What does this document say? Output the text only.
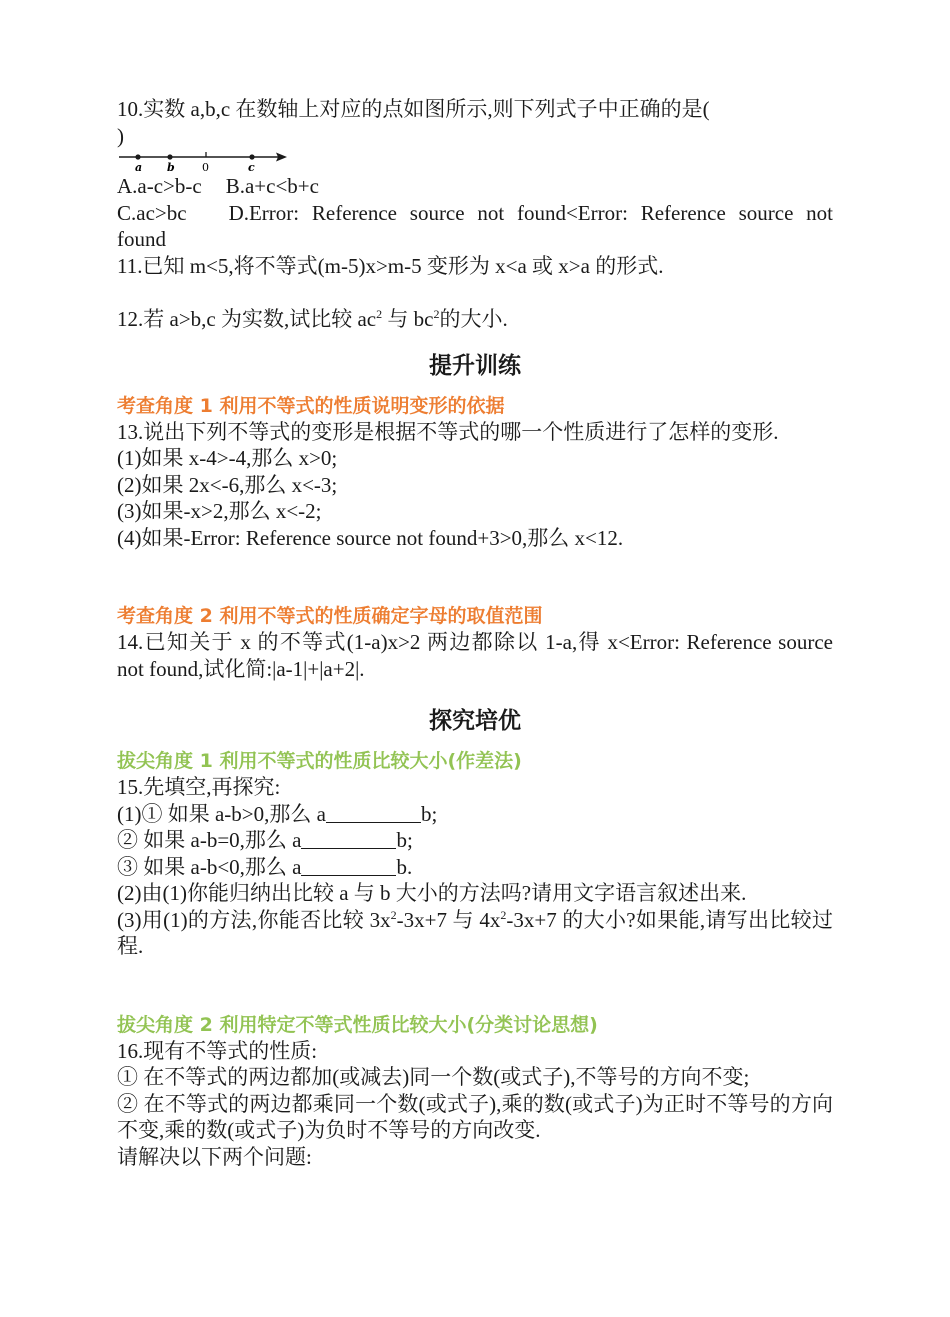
10.实数 a,b,c 在数轴上对应的点如图所示,则下列式子中正确的是(
)
a b 0	c
A.a-c>b-c B.a+c<b+c
C.ac>bc D.Error: Reference source not found<Error: Reference source not found
11.已知 m<5,将不等式(m-5)x>m-5 变形为 x<a 或 x>a 的形式.
12.若 a>b,c 为实数,试比较 $ac^2$ 与 $bc^2$的大小.
提升训练
考查角度 1 利用不等式的性质说明变形的依据
13.说出下列不等式的变形是根据不等式的哪一个性质进行了怎样的变形.
(1)如果 x-4>-4,那么 x>0;
(2)如果 2x<-6,那么 x<-3;
(3)如果-x>2,那么 x<-2;
(4)如果-Error: Reference source not found+3>0,那么 x<12.
考查角度 2 利用不等式的性质确定字母的取值范围
14.已知关于 x 的不等式(1-a)x>2 两边都除以 1-a,得 x<Error: Reference source not found,试化简:|a-1|+|a+2|.
探究培优
拔尖角度 1 利用不等式的性质比较大小(作差法)
15.先填空,再探究:
(1)① 如果 a-b>0,那么 a	b;
② 如果 a-b=0,那么 a	b;
③ 如果 a-b<0,那么 a	b.
(2)由(1)你能归纳出比较 a 与 b 大小的方法吗?请用文字语言叙述出来.
(3)用(1)的方法,你能否比较 $3x^2-3x+7$ 与 $4x^2-3x+7$ 的大小?如果能,请写出比较过程.
拔尖角度 2 利用特定不等式性质比较大小(分类讨论思想)
16.现有不等式的性质:
① 在不等式的两边都加(或减去)同一个数(或式子),不等号的方向不变;
② 在不等式的两边都乘同一个数(或式子),乘的数(或式子)为正时不等号的方向不变,乘的数(或式子)为负时不等号的方向改变.
请解决以下两个问题:
